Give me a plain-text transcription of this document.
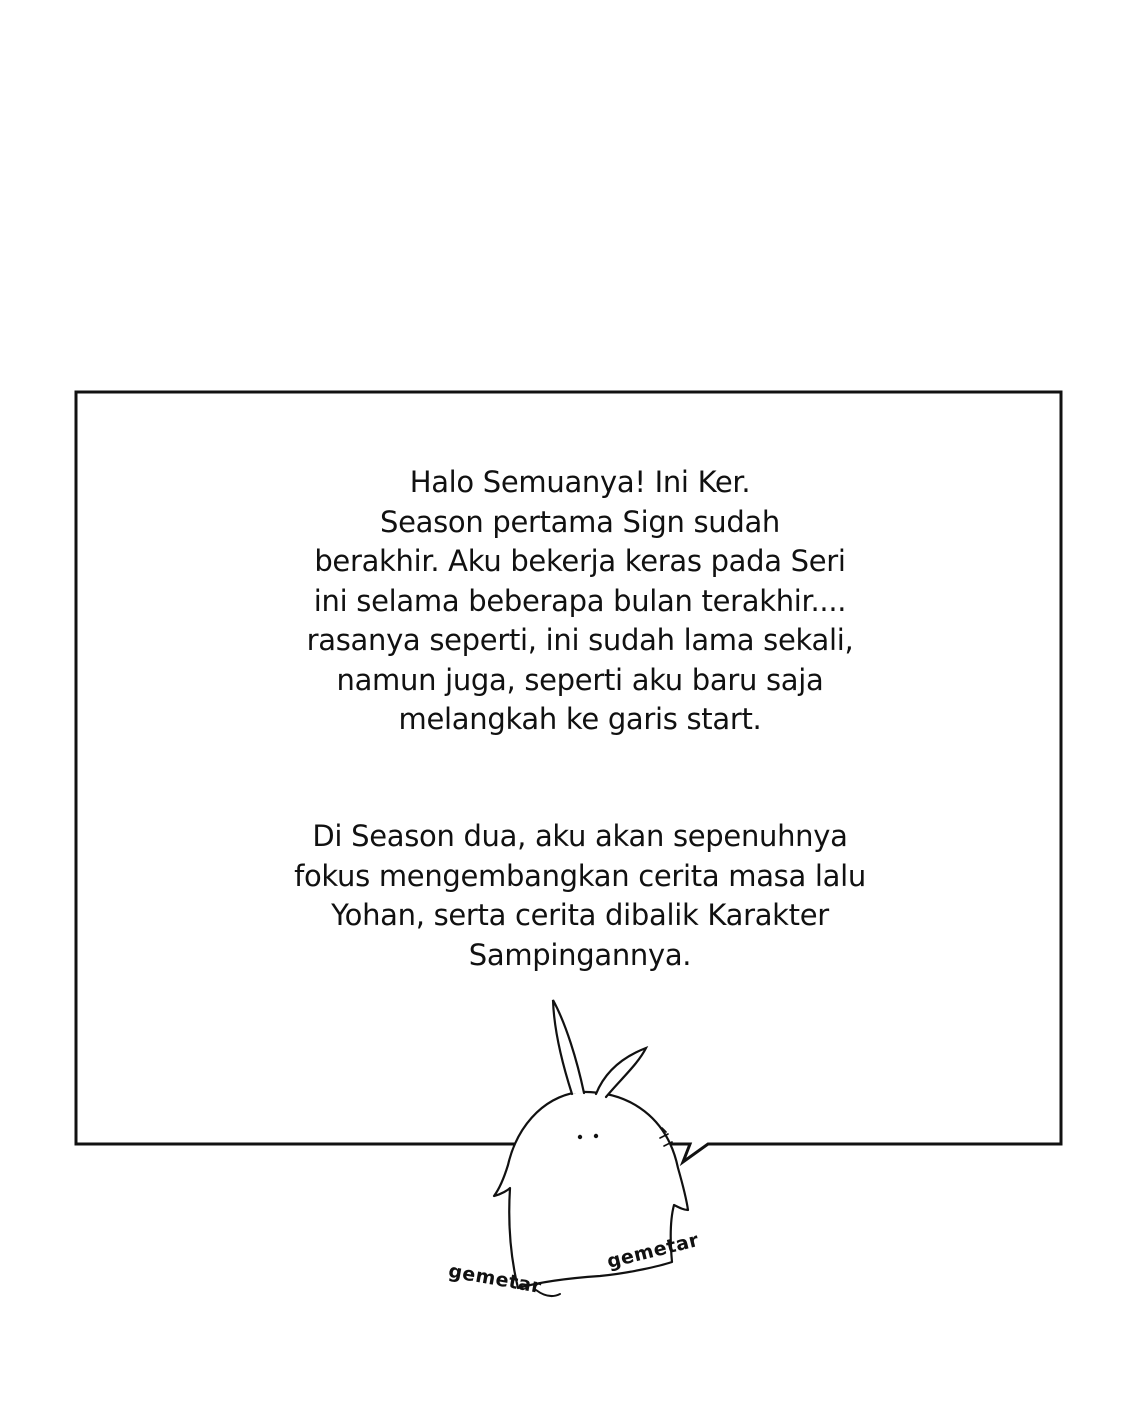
Halo Semuanya! Ini Ker.
Season pertama Sign sudah
berakhir. Aku bekerja keras pada Seri
ini selama beberapa bulan terakhir....
rasanya seperti, ini sudah lama sekali,
namun juga, seperti aku baru saja
melangkah ke garis start.
Di Season dua, aku akan sepenuhnya
fokus mengembangkan cerita masa lalu
Yohan, serta cerita dibalik Karakter
Sampingannya.
gemetar
gemetar
